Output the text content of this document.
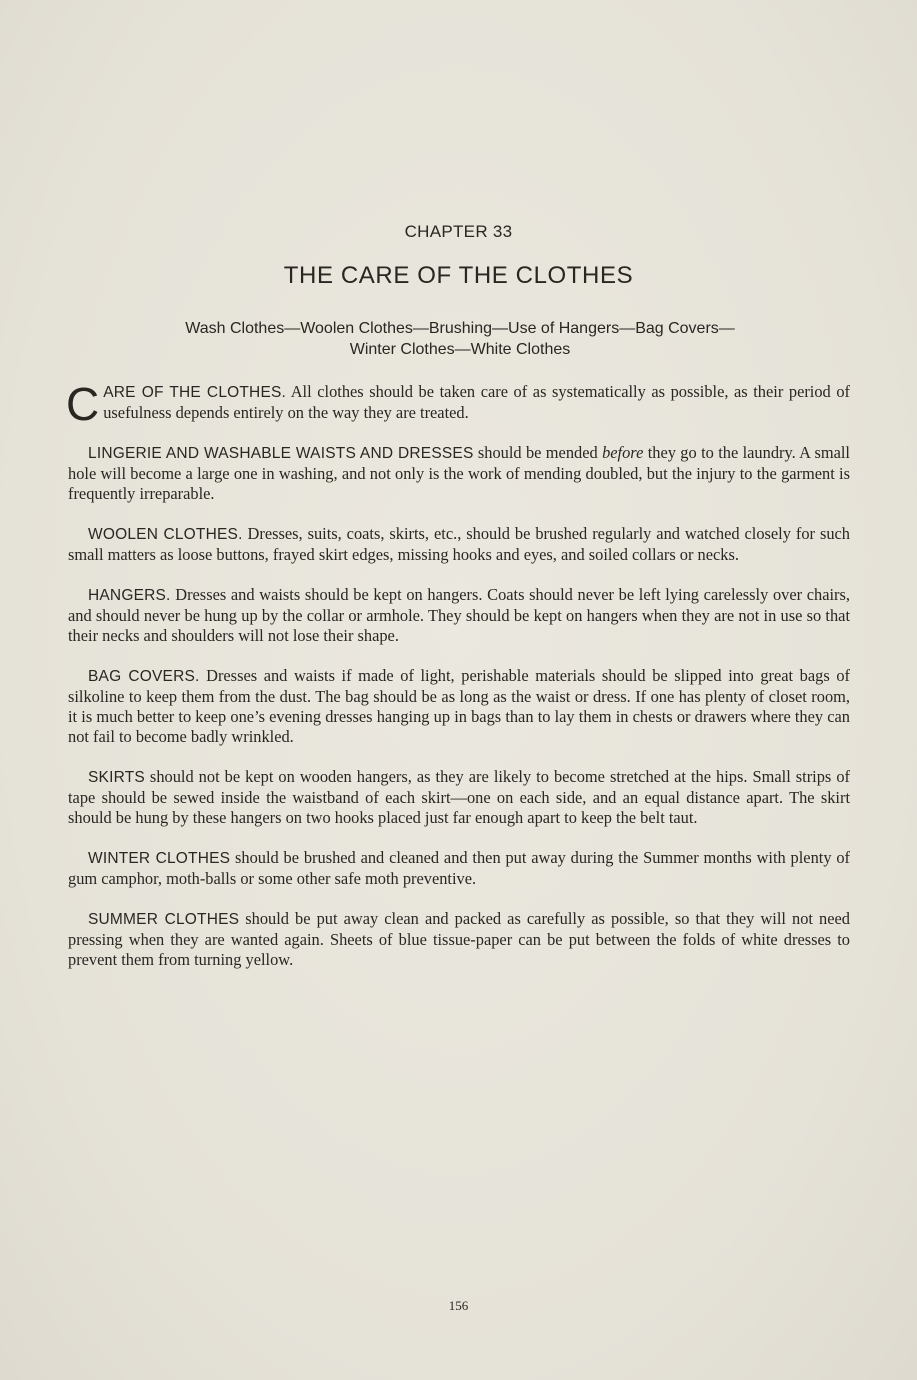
CHAPTER 33
THE CARE OF THE CLOTHES
Wash Clothes—Woolen Clothes—Brushing—Use of Hangers—Bag Covers—
Winter Clothes—White Clothes

CARE OF THE CLOTHES. All clothes should be taken care of as systematically as possible, as their period of usefulness depends entirely on the way they are treated.

LINGERIE AND WASHABLE WAISTS AND DRESSES should be mended before they go to the laundry. A small hole will become a large one in washing, and not only is the work of mending doubled, but the injury to the garment is frequently irreparable.

WOOLEN CLOTHES. Dresses, suits, coats, skirts, etc., should be brushed regularly and watched closely for such small matters as loose buttons, frayed skirt edges, missing hooks and eyes, and soiled collars or necks.

HANGERS. Dresses and waists should be kept on hangers. Coats should never be left lying carelessly over chairs, and should never be hung up by the collar or armhole. They should be kept on hangers when they are not in use so that their necks and shoulders will not lose their shape.

BAG COVERS. Dresses and waists if made of light, perishable materials should be slipped into great bags of silkoline to keep them from the dust. The bag should be as long as the waist or dress. If one has plenty of closet room, it is much better to keep one’s evening dresses hanging up in bags than to lay them in chests or drawers where they can not fail to become badly wrinkled.

SKIRTS should not be kept on wooden hangers, as they are likely to become stretched at the hips. Small strips of tape should be sewed inside the waistband of each skirt—one on each side, and an equal distance apart. The skirt should be hung by these hangers on two hooks placed just far enough apart to keep the belt taut.

WINTER CLOTHES should be brushed and cleaned and then put away during the Summer months with plenty of gum camphor, moth-balls or some other safe moth preventive.

SUMMER CLOTHES should be put away clean and packed as carefully as possible, so that they will not need pressing when they are wanted again. Sheets of blue tissue-paper can be put between the folds of white dresses to prevent them from turning yellow.

156
